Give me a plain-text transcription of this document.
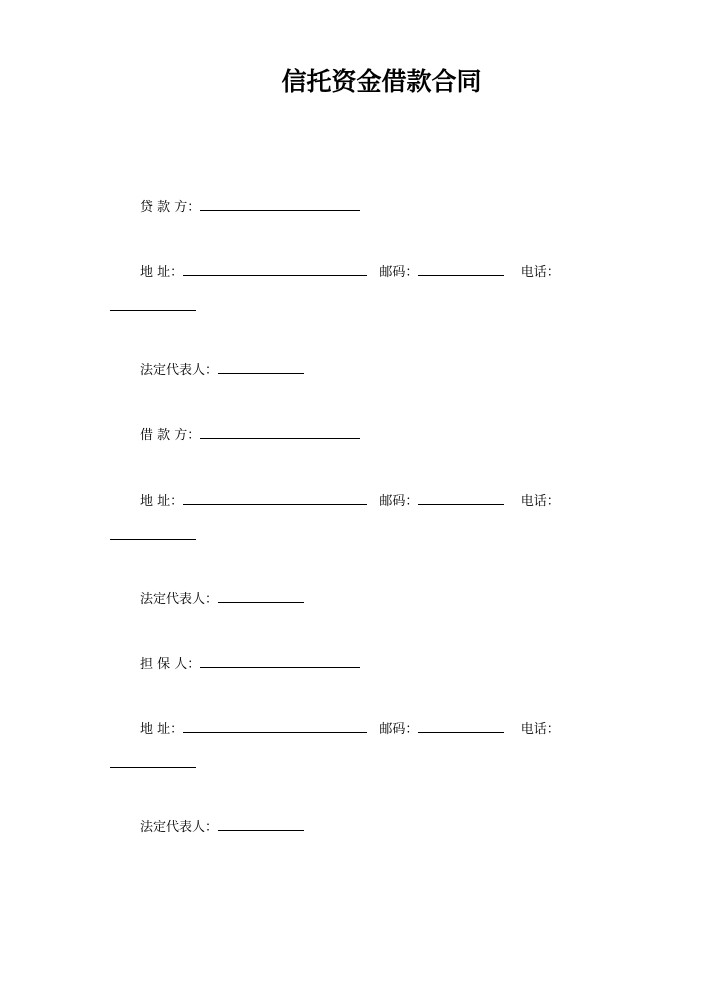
信托资金借款合同
贷 款 方：
地 址：	邮码：	电话：
法定代表人：
借 款 方：
地 址：	邮码：	电话：
法定代表人：
担 保 人：
地 址：	邮码：	电话：
法定代表人：
